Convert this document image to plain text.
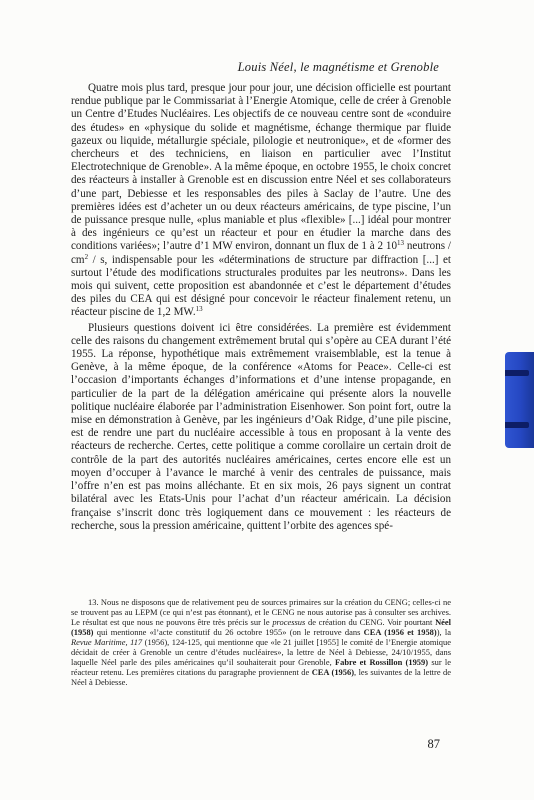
Louis Néel, le magnétisme et Grenoble

Quatre mois plus tard, presque jour pour jour, une décision officielle est pourtant rendue publique par le Commissariat à l’Energie Atomique, celle de créer à Grenoble un Centre d’Etudes Nucléaires. Les objectifs de ce nouveau centre sont de «conduire des études» en «physique du solide et magnétisme, échange thermique par fluide gazeux ou liquide, métallurgie spéciale, pilologie et neutronique», et de «former des chercheurs et des techniciens, en liaison en particulier avec l’Institut Electrotechnique de Grenoble». A la même époque, en octobre 1955, le choix concret des réacteurs à installer à Grenoble est en discussion entre Néel et ses collaborateurs d’une part, Debiesse et les responsables des piles à Saclay de l’autre. Une des premières idées est d’acheter un ou deux réacteurs américains, de type piscine, l’un de puissance presque nulle, «plus maniable et plus «flexible» [...] idéal pour montrer à des ingénieurs ce qu’est un réacteur et pour en étudier la marche dans des conditions variées»; l’autre d’1 MW environ, donnant un flux de 1 à 2 $10^{13}$ neutrons / $cm^2$ / s, indispensable pour les «déterminations de structure par diffraction [...] et surtout l’étude des modifications structurales produites par les neutrons». Dans les mois qui suivent, cette proposition est abandonnée et c’est le département d’études des piles du CEA qui est désigné pour concevoir le réacteur finalement retenu, un réacteur piscine de 1,2 MW.$^{13}$

Plusieurs questions doivent ici être considérées. La première est évidemment celle des raisons du changement extrêmement brutal qui s’opère au CEA durant l’été 1955. La réponse, hypothétique mais extrêmement vraisemblable, est la tenue à Genève, à la même époque, de la conférence «Atoms for Peace». Celle-ci est l’occasion d’importants échanges d’informations et d’une intense propagande, en particulier de la part de la délégation américaine qui présente alors la nouvelle politique nucléaire élaborée par l’administration Eisenhower. Son point fort, outre la mise en démonstration à Genève, par les ingénieurs d’Oak Ridge, d’une pile piscine, est de rendre une part du nucléaire accessible à tous en proposant à la vente des réacteurs de recherche. Certes, cette politique a comme corollaire un certain droit de contrôle de la part des autorités nucléaires américaines, certes encore elle est un moyen d’occuper à l’avance le marché à venir des centrales de puissance, mais l’offre n’en est pas moins alléchante. Et en six mois, 26 pays signent un contrat bilatéral avec les Etats-Unis pour l’achat d’un réacteur américain. La décision française s’inscrit donc très logiquement dans ce mouvement : les réacteurs de recherche, sous la pression américaine, quittent l’orbite des agences spé-

13. Nous ne disposons que de relativement peu de sources primaires sur la création du CENG; celles-ci ne se trouvent pas au LEPM (ce qui n’est pas étonnant), et le CENG ne nous autorise pas à consulter ses archives. Le résultat est que nous ne pouvons être très précis sur le processus de création du CENG. Voir pourtant Néel (1958) qui mentionne «l’acte constitutif du 26 octobre 1955» (on le retrouve dans CEA (1956 et 1958)), la Revue Maritime, 117 (1956), 124-125, qui mentionne que «le 21 juillet [1955] le comité de l’Energie atomique décidait de créer à Grenoble un centre d’études nucléaires», la lettre de Néel à Debiesse, 24/10/1955, dans laquelle Néel parle des piles américaines qu’il souhaiterait pour Grenoble, Fabre et Rossillon (1959) sur le réacteur retenu. Les premières citations du paragraphe proviennent de CEA (1956), les suivantes de la lettre de Néel à Debiesse.

87
